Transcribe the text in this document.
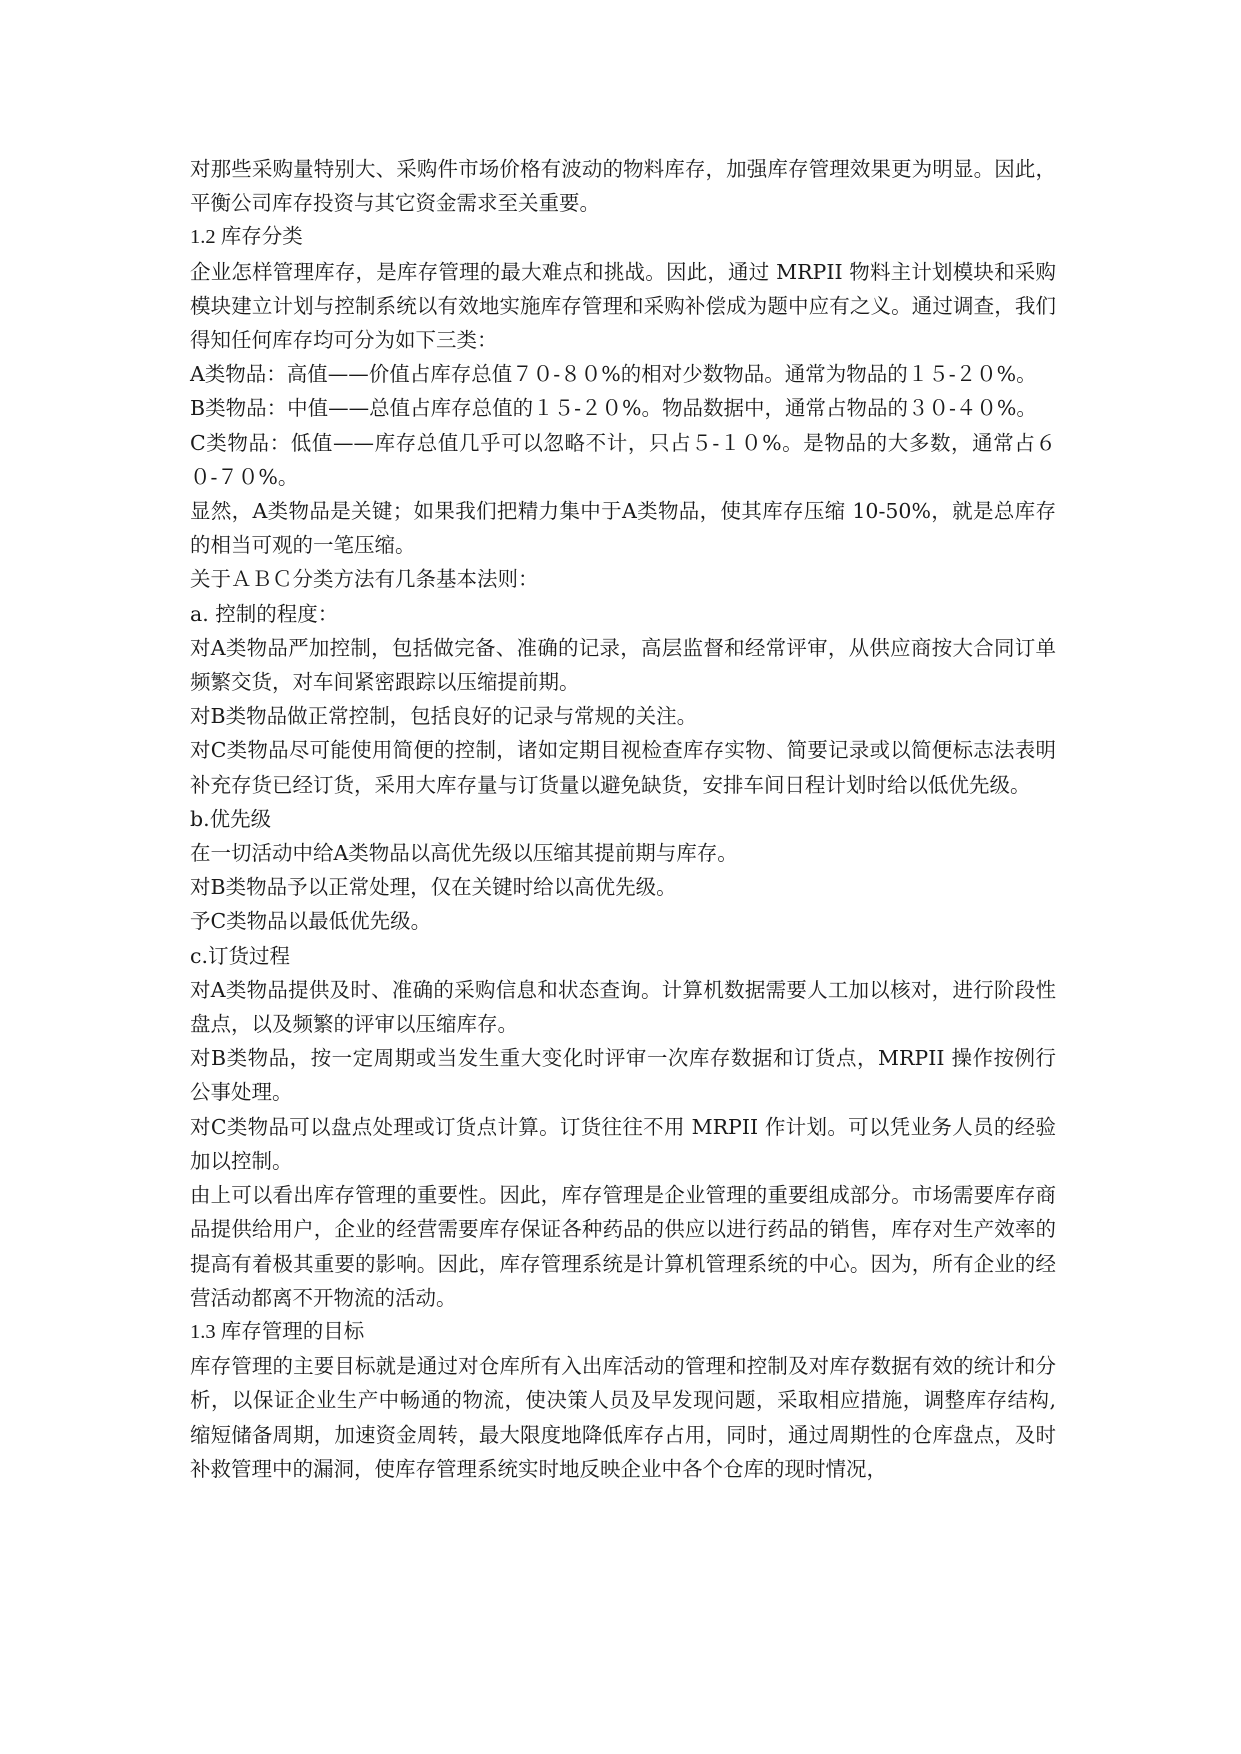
对那些采购量特别大、采购件市场价格有波动的物料库存，加强库存管理效果更为明显。因此，平衡公司库存投资与其它资金需求至关重要。

1.2 库存分类

企业怎样管理库存，是库存管理的最大难点和挑战。因此，通过 MRPII 物料主计划模块和采购模块建立计划与控制系统以有效地实施库存管理和采购补偿成为题中应有之义。通过调查，我们得知任何库存均可分为如下三类：

A类物品：高值——价值占库存总值７０-８０%的相对少数物品。通常为物品的１５-２０%。

B类物品：中值——总值占库存总值的１５-２０%。物品数据中，通常占物品的３０-４０%。

C类物品：低值——库存总值几乎可以忽略不计，只占５-１０%。是物品的大多数，通常占６０-７０%。

显然，A类物品是关键；如果我们把精力集中于A类物品，使其库存压缩 10-50%，就是总库存的相当可观的一笔压缩。

关于ＡＢＣ分类方法有几条基本法则：

a. 控制的程度：

对A类物品严加控制，包括做完备、准确的记录，高层监督和经常评审，从供应商按大合同订单频繁交货，对车间紧密跟踪以压缩提前期。

对B类物品做正常控制，包括良好的记录与常规的关注。

对C类物品尽可能使用简便的控制，诸如定期目视检查库存实物、简要记录或以简便标志法表明补充存货已经订货，采用大库存量与订货量以避免缺货，安排车间日程计划时给以低优先级。

b.优先级

在一切活动中给A类物品以高优先级以压缩其提前期与库存。

对B类物品予以正常处理，仅在关键时给以高优先级。

予C类物品以最低优先级。

c.订货过程

对A类物品提供及时、准确的采购信息和状态查询。计算机数据需要人工加以核对，进行阶段性盘点，以及频繁的评审以压缩库存。

对B类物品，按一定周期或当发生重大变化时评审一次库存数据和订货点，MRPII 操作按例行公事处理。

对C类物品可以盘点处理或订货点计算。订货往往不用 MRPII 作计划。可以凭业务人员的经验加以控制。

由上可以看出库存管理的重要性。因此，库存管理是企业管理的重要组成部分。市场需要库存商品提供给用户，企业的经营需要库存保证各种药品的供应以进行药品的销售，库存对生产效率的提高有着极其重要的影响。因此，库存管理系统是计算机管理系统的中心。因为，所有企业的经营活动都离不开物流的活动。

1.3 库存管理的目标

库存管理的主要目标就是通过对仓库所有入出库活动的管理和控制及对库存数据有效的统计和分析，以保证企业生产中畅通的物流，使决策人员及早发现问题，采取相应措施，调整库存结构,缩短储备周期，加速资金周转，最大限度地降低库存占用，同时，通过周期性的仓库盘点，及时补救管理中的漏洞，使库存管理系统实时地反映企业中各个仓库的现时情况，
